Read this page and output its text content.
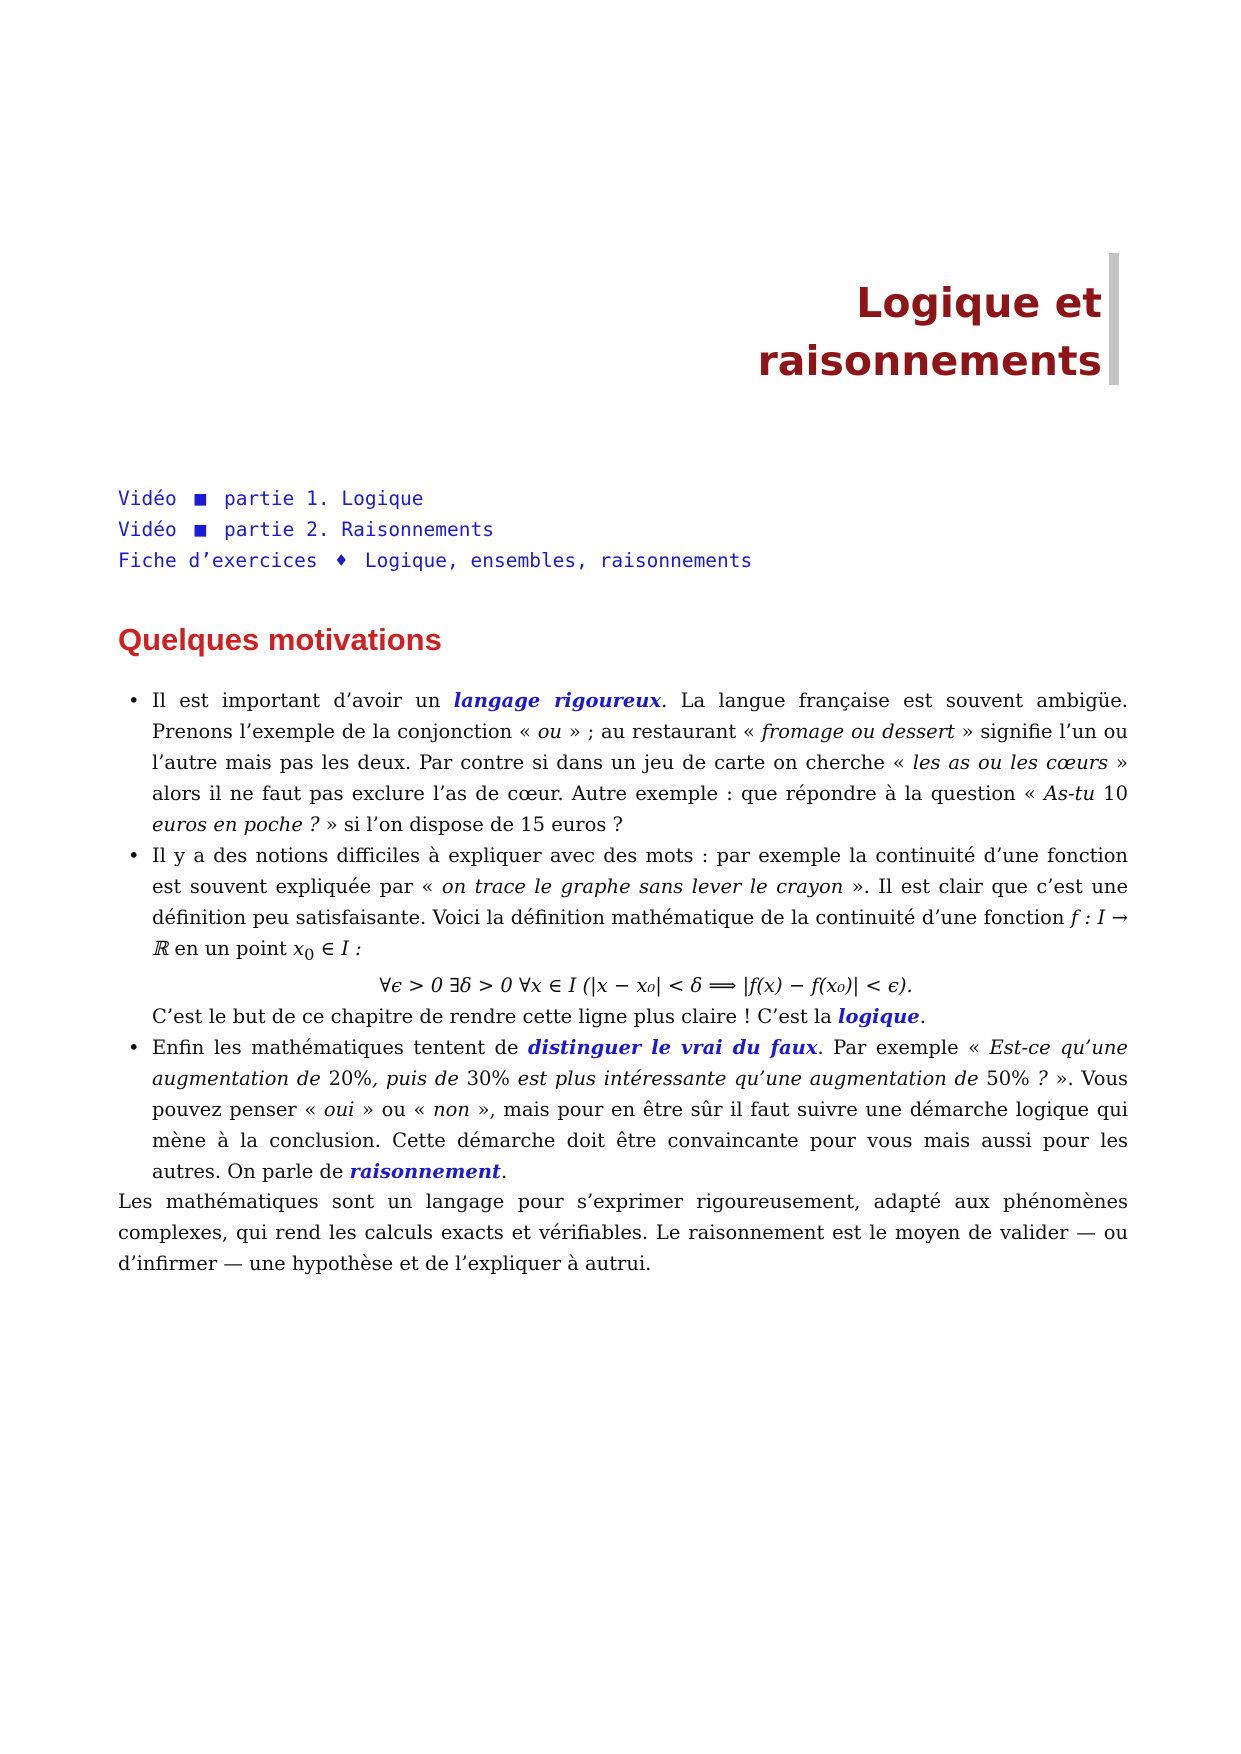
Logique et
raisonnements
Vidéo ■ partie 1. Logique
Vidéo ■ partie 2. Raisonnements
Fiche d’exercices ♦ Logique, ensembles, raisonnements
Quelques motivations
• Il est important d’avoir un langage rigoureux. La langue française est souvent ambigüe. Prenons l’exemple de la conjonction « ou » ; au restaurant « fromage ou dessert » signifie l’un ou l’autre mais pas les deux. Par contre si dans un jeu de carte on cherche « les as ou les cœurs » alors il ne faut pas exclure l’as de cœur. Autre exemple : que répondre à la question « As-tu 10 euros en poche ? » si l’on dispose de 15 euros ?
• Il y a des notions difficiles à expliquer avec des mots : par exemple la continuité d’une fonction est souvent expliquée par « on trace le graphe sans lever le crayon ». Il est clair que c’est une définition peu satisfaisante. Voici la définition mathématique de la continuité d’une fonction f : I → ℝ en un point $x_0$ ∈ I :
∀ϵ > 0 ∃δ > 0 ∀x ∈ I (|x − x₀| < δ ⟹ |f(x) − f(x₀)| < ϵ).
C’est le but de ce chapitre de rendre cette ligne plus claire ! C’est la logique.
• Enfin les mathématiques tentent de distinguer le vrai du faux. Par exemple « Est-ce qu’une augmentation de 20%, puis de 30% est plus intéressante qu’une augmentation de 50% ? ». Vous pouvez penser « oui » ou « non », mais pour en être sûr il faut suivre une démarche logique qui mène à la conclusion. Cette démarche doit être convaincante pour vous mais aussi pour les autres. On parle de raisonnement.

Les mathématiques sont un langage pour s’exprimer rigoureusement, adapté aux phénomènes complexes, qui rend les calculs exacts et vérifiables. Le raisonnement est le moyen de valider — ou d’infirmer — une hypothèse et de l’expliquer à autrui.
